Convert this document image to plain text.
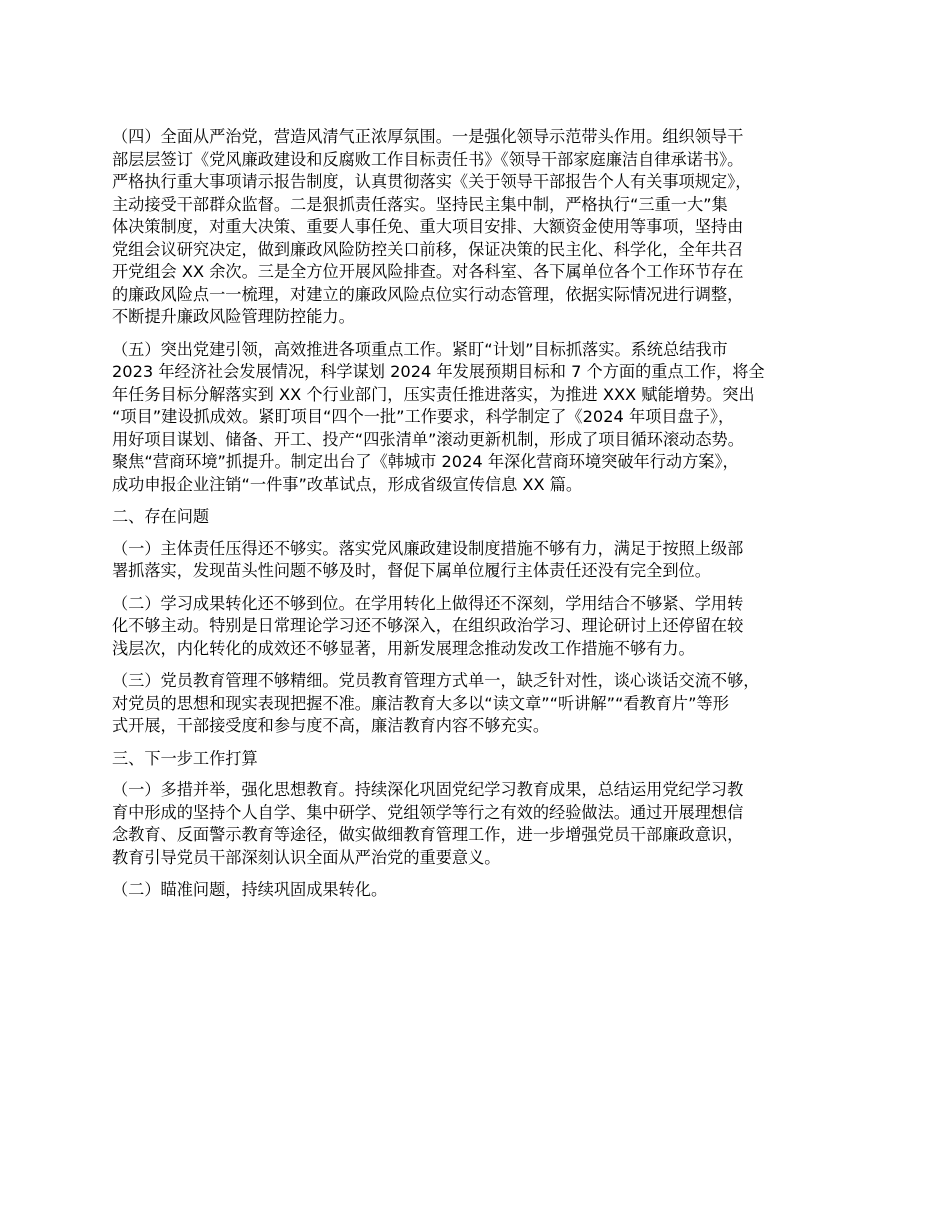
（四）全面从严治党，营造风清气正浓厚氛围。一是强化领导示范带头作用。组织领导干
部层层签订《党风廉政建设和反腐败工作目标责任书》《领导干部家庭廉洁自律承诺书》。
严格执行重大事项请示报告制度，认真贯彻落实《关于领导干部报告个人有关事项规定》，
主动接受干部群众监督。二是狠抓责任落实。坚持民主集中制，严格执行“三重一大”集
体决策制度，对重大决策、重要人事任免、重大项目安排、大额资金使用等事项，坚持由
党组会议研究决定，做到廉政风险防控关口前移，保证决策的民主化、科学化，全年共召
开党组会 XX 余次。三是全方位开展风险排查。对各科室、各下属单位各个工作环节存在
的廉政风险点一一梳理，对建立的廉政风险点位实行动态管理，依据实际情况进行调整，
不断提升廉政风险管理防控能力。

（五）突出党建引领，高效推进各项重点工作。紧盯“计划”目标抓落实。系统总结我市
2023 年经济社会发展情况，科学谋划 2024 年发展预期目标和 7 个方面的重点工作，将全
年任务目标分解落实到 XX 个行业部门，压实责任推进落实，为推进 XXX 赋能增势。突出
“项目”建设抓成效。紧盯项目“四个一批”工作要求，科学制定了《2024 年项目盘子》，
用好项目谋划、储备、开工、投产“四张清单”滚动更新机制，形成了项目循环滚动态势。
聚焦“营商环境”抓提升。制定出台了《韩城市 2024 年深化营商环境突破年行动方案》，
成功申报企业注销“一件事”改革试点，形成省级宣传信息 XX 篇。

二、存在问题

（一）主体责任压得还不够实。落实党风廉政建设制度措施不够有力，满足于按照上级部
署抓落实，发现苗头性问题不够及时，督促下属单位履行主体责任还没有完全到位。

（二）学习成果转化还不够到位。在学用转化上做得还不深刻，学用结合不够紧、学用转
化不够主动。特别是日常理论学习还不够深入，在组织政治学习、理论研讨上还停留在较
浅层次，内化转化的成效还不够显著，用新发展理念推动发改工作措施不够有力。

（三）党员教育管理不够精细。党员教育管理方式单一，缺乏针对性，谈心谈话交流不够，
对党员的思想和现实表现把握不准。廉洁教育大多以“读文章”“听讲解”“看教育片”等形
式开展，干部接受度和参与度不高，廉洁教育内容不够充实。

三、下一步工作打算

（一）多措并举，强化思想教育。持续深化巩固党纪学习教育成果，总结运用党纪学习教
育中形成的坚持个人自学、集中研学、党组领学等行之有效的经验做法。通过开展理想信
念教育、反面警示教育等途径，做实做细教育管理工作，进一步增强党员干部廉政意识，
教育引导党员干部深刻认识全面从严治党的重要意义。

（二）瞄准问题，持续巩固成果转化。
